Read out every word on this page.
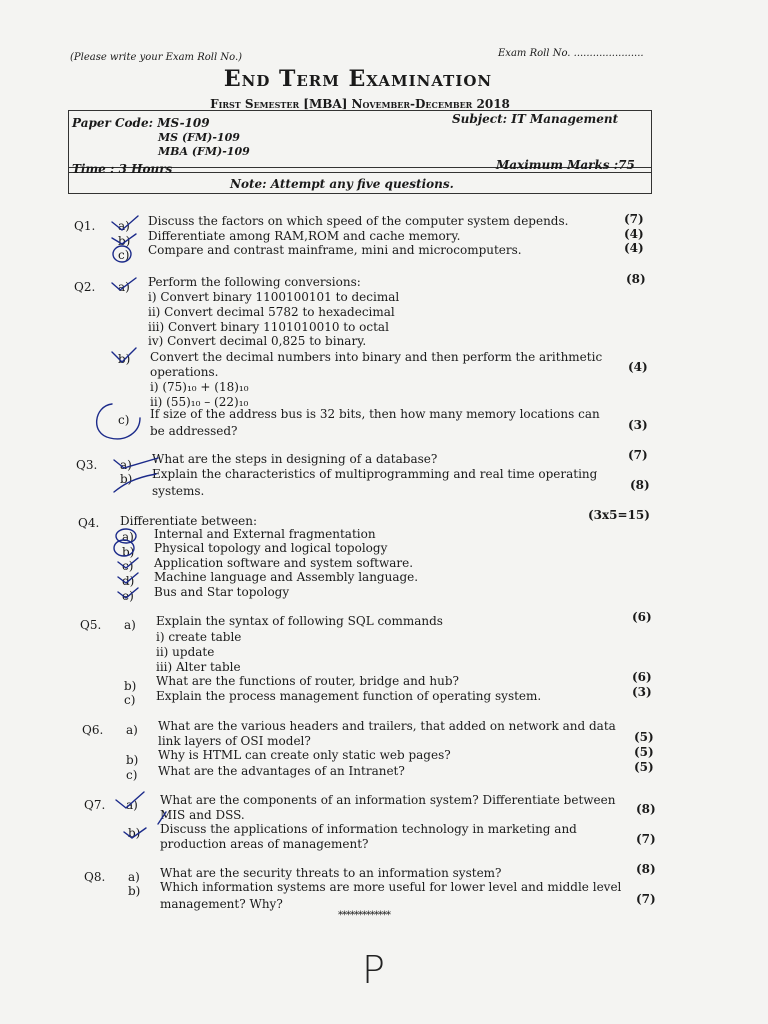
(Please write your Exam Roll No.)	Exam Roll No. ......................
End Term Examination
First Semester [MBA] November-December 2018
Paper Code: MS-109
MS (FM)-109
MBA (FM)-109
Subject: IT Management
Time : 3 Hours	Maximum Marks :75
Note: Attempt any five questions.
Q1. a) Discuss the factors on which speed of the computer system depends.	(7)
b) Differentiate among RAM,ROM and cache memory.	(4)
c) Compare and contrast mainframe, mini and microcomputers.	(4)
Q2. a) Perform the following conversions:	(8)
i) Convert binary 1100100101 to decimal
ii) Convert decimal 5782 to hexadecimal
iii) Convert binary 1101010010 to octal
iv) Convert decimal 0,825 to binary.
b) Convert the decimal numbers into binary and then perform the arithmetic
operations.	(4)
i) (75)₁₀ + (18)₁₀
ii) (55)₁₀ – (22)₁₀
c) If size of the address bus is 32 bits, then how many memory locations can
be addressed?	(3)
Q3. a) What are the steps in designing of a database?	(7)
b) Explain the characteristics of multiprogramming and real time operating
systems.	(8)
Q4. Differentiate between:	(3x5=15)
a) Internal and External fragmentation
b) Physical topology and logical topology
c) Application software and system software.
d) Machine language and Assembly language.
e) Bus and Star topology
Q5. a) Explain the syntax of following SQL commands	(6)
i) create table
ii) update
iii) Alter table
b) What are the functions of router, bridge and hub?	(6)
c) Explain the process management function of operating system.	(3)
Q6. a) What are the various headers and trailers, that added on network and data
link layers of OSI model?	(5)
b) Why is HTML can create only static web pages?	(5)
c) What are the advantages of an Intranet?	(5)
Q7. a) What are the components of an information system? Differentiate between
MIS and DSS.	(8)
b) Discuss the applications of information technology in marketing and
production areas of management?	(7)
Q8. a) What are the security threats to an information system?	(8)
b) Which information systems are more useful for lower level and middle level
management? Why?	(7)
*************
P
